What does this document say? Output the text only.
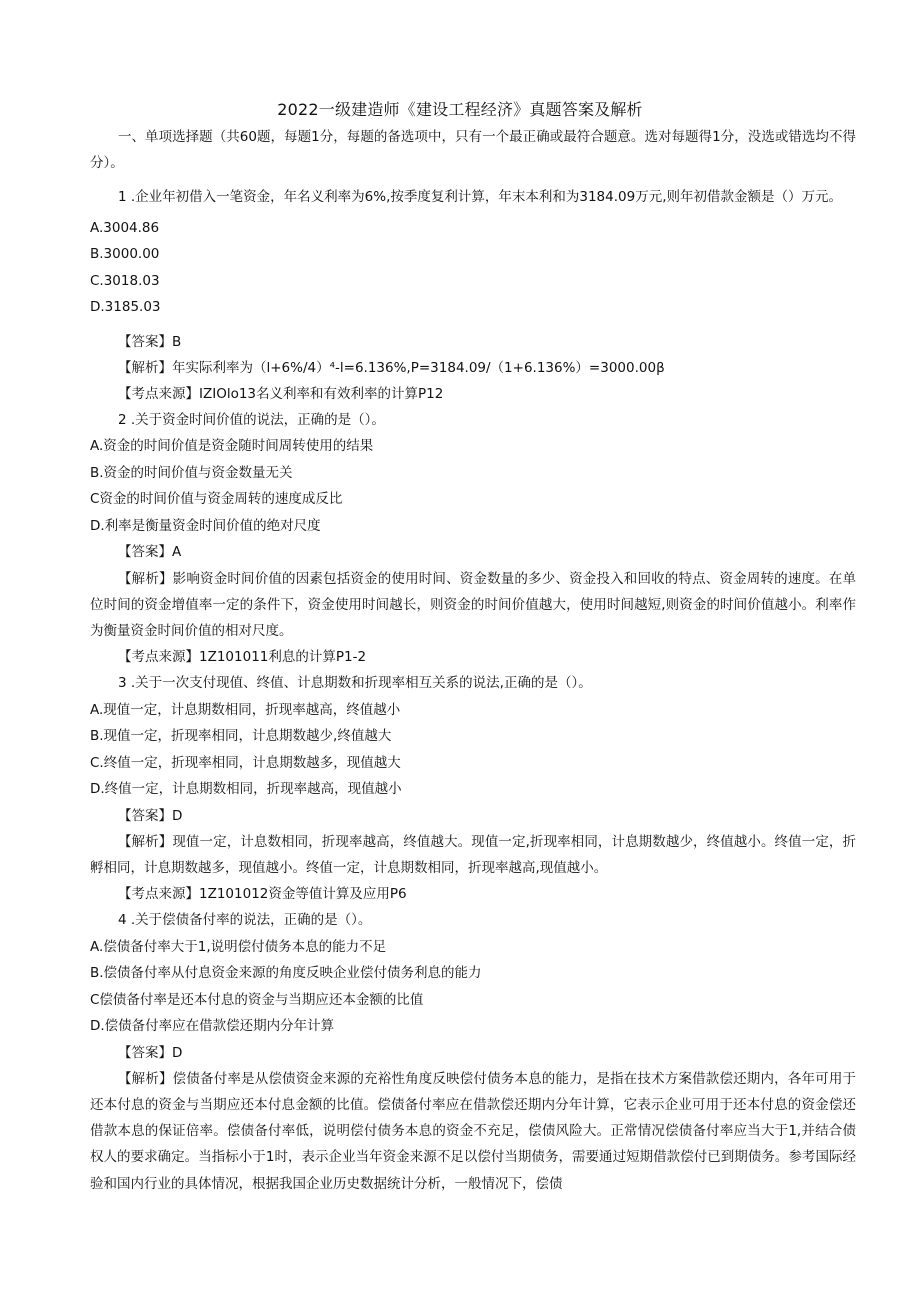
2022一级建造师《建设工程经济》真题答案及解析

一、单项选择题（共60题，每题1分，每题的备选项中，只有一个最正确或最符合题意。选对每题得1分，没选或错选均不得分）。

1 .企业年初借入一笔资金，年名义利率为6%,按季度复利计算，年末本利和为3184.09万元,则年初借款金额是（）万元。

A.3004.86

B.3000.00

C.3018.03

D.3185.03

【答案】B

【解析】年实际利率为（l+6%/4）⁴-l=6.136%,P=3184.09/（1+6.136%）=3000.00β

【考点来源】IZIOlo13名义利率和有效利率的计算P12

2 .关于资金时间价值的说法，正确的是（）。

A.资金的时间价值是资金随时间周转使用的结果

B.资金的时间价值与资金数量无关

C资金的时间价值与资金周转的速度成反比

D.利率是衡量资金时间价值的绝对尺度

【答案】A

【解析】影响资金时间价值的因素包括资金的使用时间、资金数量的多少、资金投入和回收的特点、资金周转的速度。在单位时间的资金增值率一定的条件下，资金使用时间越长，则资金的时间价值越大，使用时间越短,则资金的时间价值越小。利率作为衡量资金时间价值的相对尺度。

【考点来源】1Z101011利息的计算P1-2

3 .关于一次支付现值、终值、计息期数和折现率相互关系的说法,正确的是（）。

A.现值一定，计息期数相同，折现率越高，终值越小

B.现值一定，折现率相同，计息期数越少,终值越大

C.终值一定，折现率相同，计息期数越多，现值越大

D.终值一定，计息期数相同，折现率越高，现值越小

【答案】D

【解析】现值一定，计息数相同，折现率越高，终值越大。现值一定,折现率相同，计息期数越少，终值越小。终值一定，折孵相同，计息期数越多，现值越小。终值一定，计息期数相同，折现率越高,现值越小。

【考点来源】1Z101012资金等值计算及应用P6

4 .关于偿债备付率的说法，正确的是（）。

A.偿债备付率大于1,说明偿付债务本息的能力不足

B.偿债备付率从付息资金来源的角度反映企业偿付债务利息的能力

C偿债备付率是还本付息的资金与当期应还本金额的比值

D.偿债备付率应在借款偿还期内分年计算

【答案】D

【解析】偿债备付率是从偿债资金来源的充裕性角度反映偿付债务本息的能力，是指在技术方案借款偿还期内，各年可用于还本付息的资金与当期应还本付息金额的比值。偿债备付率应在借款偿还期内分年计算，它表示企业可用于还本付息的资金偿还借款本息的保证倍率。偿债备付率低，说明偿付债务本息的资金不充足，偿债风险大。正常情况偿债备付率应当大于1,并结合债权人的要求确定。当指标小于1时，表示企业当年资金来源不足以偿付当期债务，需要通过短期借款偿付已到期债务。参考国际经验和国内行业的具体情况，根据我国企业历史数据统计分析，一般情况下，偿债
